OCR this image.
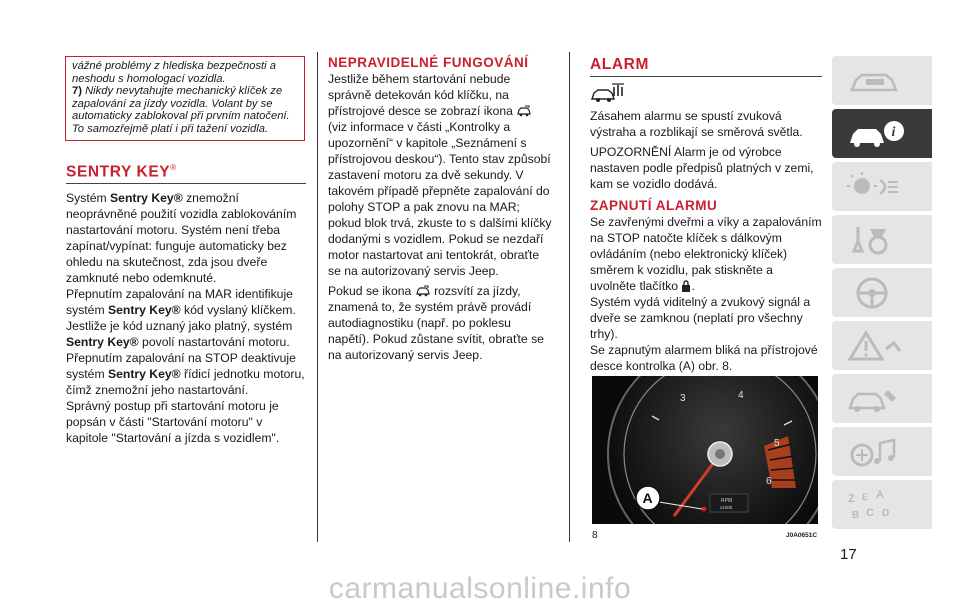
vážné problémy z hlediska bezpečnosti a neshodu s homologací vozidla.

7) Nikdy nevytahujte mechanický klíček ze zapalování za jízdy vozidla. Volant by se automaticky zablokoval při prvním natočení. To samozřejmě platí i při tažení vozidla.

SENTRY KEY®

Systém Sentry Key® znemožní neoprávněné použití vozidla zablokováním nastartování motoru. Systém není třeba zapínat/vypínat: funguje automaticky bez ohledu na skutečnost, zda jsou dveře zamknuté nebo odemknuté.

Přepnutím zapalování na MAR identifikuje systém Sentry Key® kód vyslaný klíčkem. Jestliže je kód uznaný jako platný, systém Sentry Key® povolí nastartování motoru.

Přepnutím zapalování na STOP deaktivuje systém Sentry Key® řídicí jednotku motoru, čímž znemožní jeho nastartování.

Správný postup při startování motoru je popsán v části "Startování motoru" v kapitole "Startování a jízda s vozidlem".

NEPRAVIDELNÉ FUNGOVÁNÍ

Jestliže během startování nebude správně detekován kód klíčku, na přístrojové desce se zobrazí ikona  (viz informace v části „Kontrolky a upozornění“ v kapitole „Seznámení s přístrojovou deskou“). Tento stav způsobí zastavení motoru za dvě sekundy. V takovém případě přepněte zapalování do polohy STOP a pak znovu na MAR; pokud blok trvá, zkuste to s dalšími klíčky dodanými s vozidlem. Pokud se nezdaří motor nastartovat ani tentokrát, obraťte se na autorizovaný servis Jeep.

Pokud se ikona  rozsvítí za jízdy, znamená to, že systém právě provádí autodiagnostiku (např. po poklesu napětí). Pokud zůstane svítit, obraťte se na autorizovaný servis Jeep.

ALARM

Zásahem alarmu se spustí zvuková výstraha a rozblikají se směrová světla.

UPOZORNĚNÍ Alarm je od výrobce nastaven podle předpisů platných v zemi, kam se vozidlo dodává.

ZAPNUTÍ ALARMU

Se zavřenými dveřmi a víky a zapalováním na STOP natočte klíček s dálkovým ovládáním (nebo elektronický klíček) směrem k vozidlu, pak stiskněte a uvolněte tlačítko .

Systém vydá viditelný a zvukový signál a dveře se zamknou (neplatí pro všechny trhy).

Se zapnutým alarmem bliká na přístrojové desce kontrolka (A) obr. 8.

3	4
5
6
RPM
x1000
A
8	J0A0651C
i
Z E A
B C D
17
carmanualsonline.info
